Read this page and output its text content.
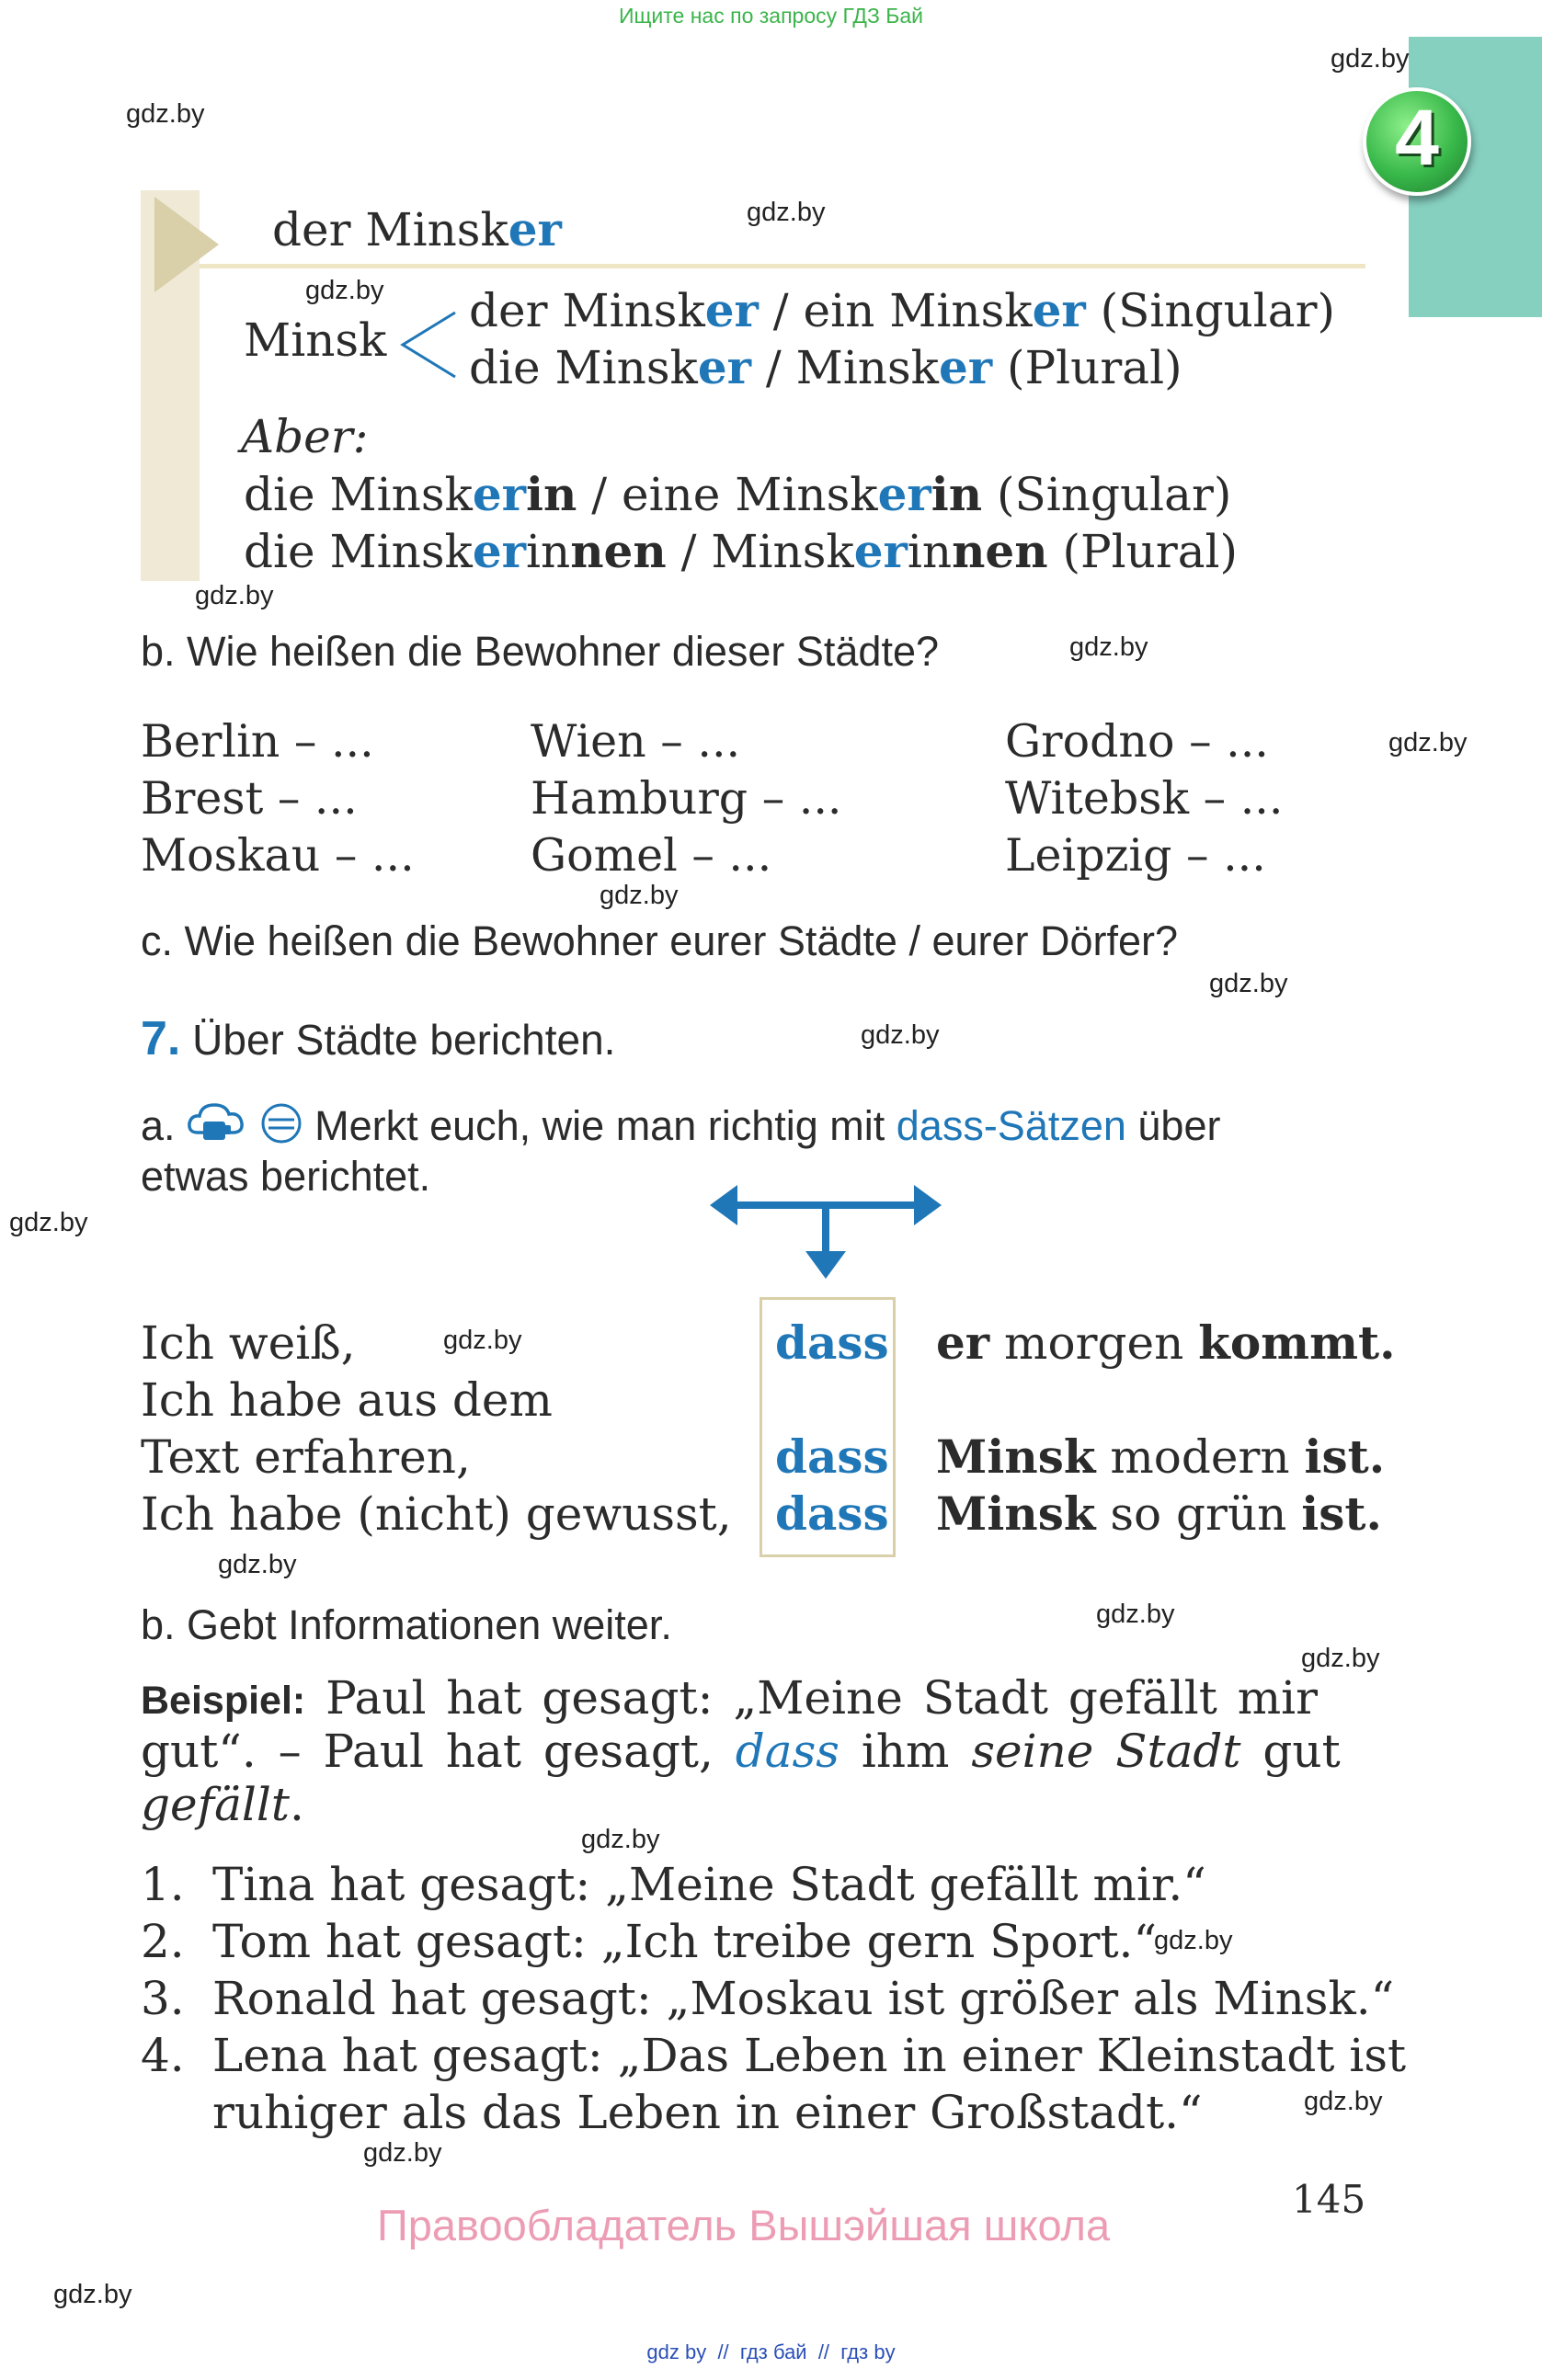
Ищите нас по запросу ГДЗ Бай
4
gdz.by
gdz.by
gdz.by
gdz.by
gdz.by
gdz.by
gdz.by
gdz.by
gdz.by
gdz.by
gdz.by
gdz.by
gdz.by
gdz.by
gdz.by
gdz.by
gdz.by
gdz.by
gdz.by
gdz.by
der Minsker
Minsk
der Minsker / ein Minsker (Singular)
die Minsker / Minsker (Plural)
Aber:
die Minskerin / eine Minskerin (Singular)
die Minskerinnen / Minskerinnen (Plural)
b. Wie heißen die Bewohner dieser Städte?
Berlin – ...
Brest – ...
Moskau – ...
Wien – ...
Hamburg – ...
Gomel – ...
Grodno – ...
Witebsk – ...
Leipzig – ...
c. Wie heißen die Bewohner eurer Städte / eurer Dörfer?
7. Über Städte berichten.
a.	Merkt euch, wie man richtig mit dass-Sätzen über
etwas berichtet.
Ich weiß,
Ich habe aus dem
Text erfahren,
Ich habe (nicht) gewusst,
dass
dass
dass
er morgen kommt.
Minsk modern ist.
Minsk so grün ist.
b. Gebt Informationen weiter.
Beispiel: Paul hat gesagt: „Meine Stadt gefällt mir
gut“. – Paul hat gesagt, dass ihm seine Stadt gut
gefällt.
1. Tina hat gesagt: „Meine Stadt gefällt mir.“
2. Tom hat gesagt: „Ich treibe gern Sport.“
3. Ronald hat gesagt: „Moskau ist größer als Minsk.“
4. Lena hat gesagt: „Das Leben in einer Kleinstadt ist
ruhiger als das Leben in einer Großstadt.“
145
Правообладатель Вышэйшая школа
gdz by  //  гдз бай  //  гдз by
